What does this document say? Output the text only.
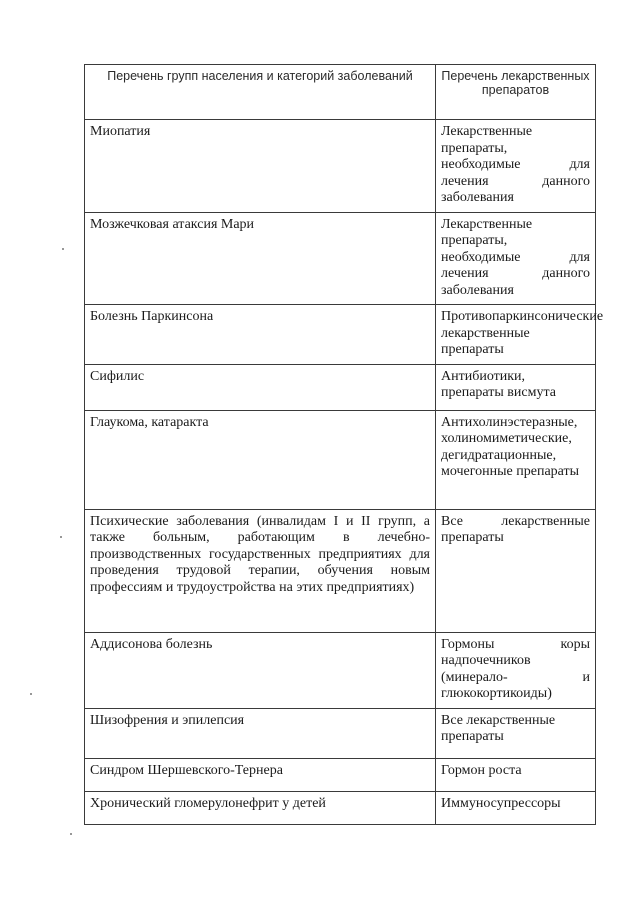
Перечень групп населения и категорий заболеваний	Перечень лекарственных препаратов
Миопатия	Лекарственные препараты, необходимые для лечения данного заболевания
Мозжечковая атаксия Мари	Лекарственные препараты, необходимые для лечения данного заболевания
Болезнь Паркинсона	Противопаркинсонические лекарственные препараты
Сифилис	Антибиотики, препараты висмута
Глаукома, катаракта	Антихолинэстеразные, холиномиметические, дегидратационные, мочегонные препараты
Психические заболевания (инвалидам I и II групп, а также больным, работающим в лечебно-производственных государственных предприятиях для проведения трудовой терапии, обучения новым профессиям и трудоустройства на этих предприятиях)	Все лекарственные препараты
Аддисонова болезнь	Гормоны коры надпочечников (минерало- и глюкокортикоиды)
Шизофрения и эпилепсия	Все лекарственные препараты
Синдром Шершевского-Тернера	Гормон роста
Хронический гломерулонефрит у детей	Иммуносупрессоры
